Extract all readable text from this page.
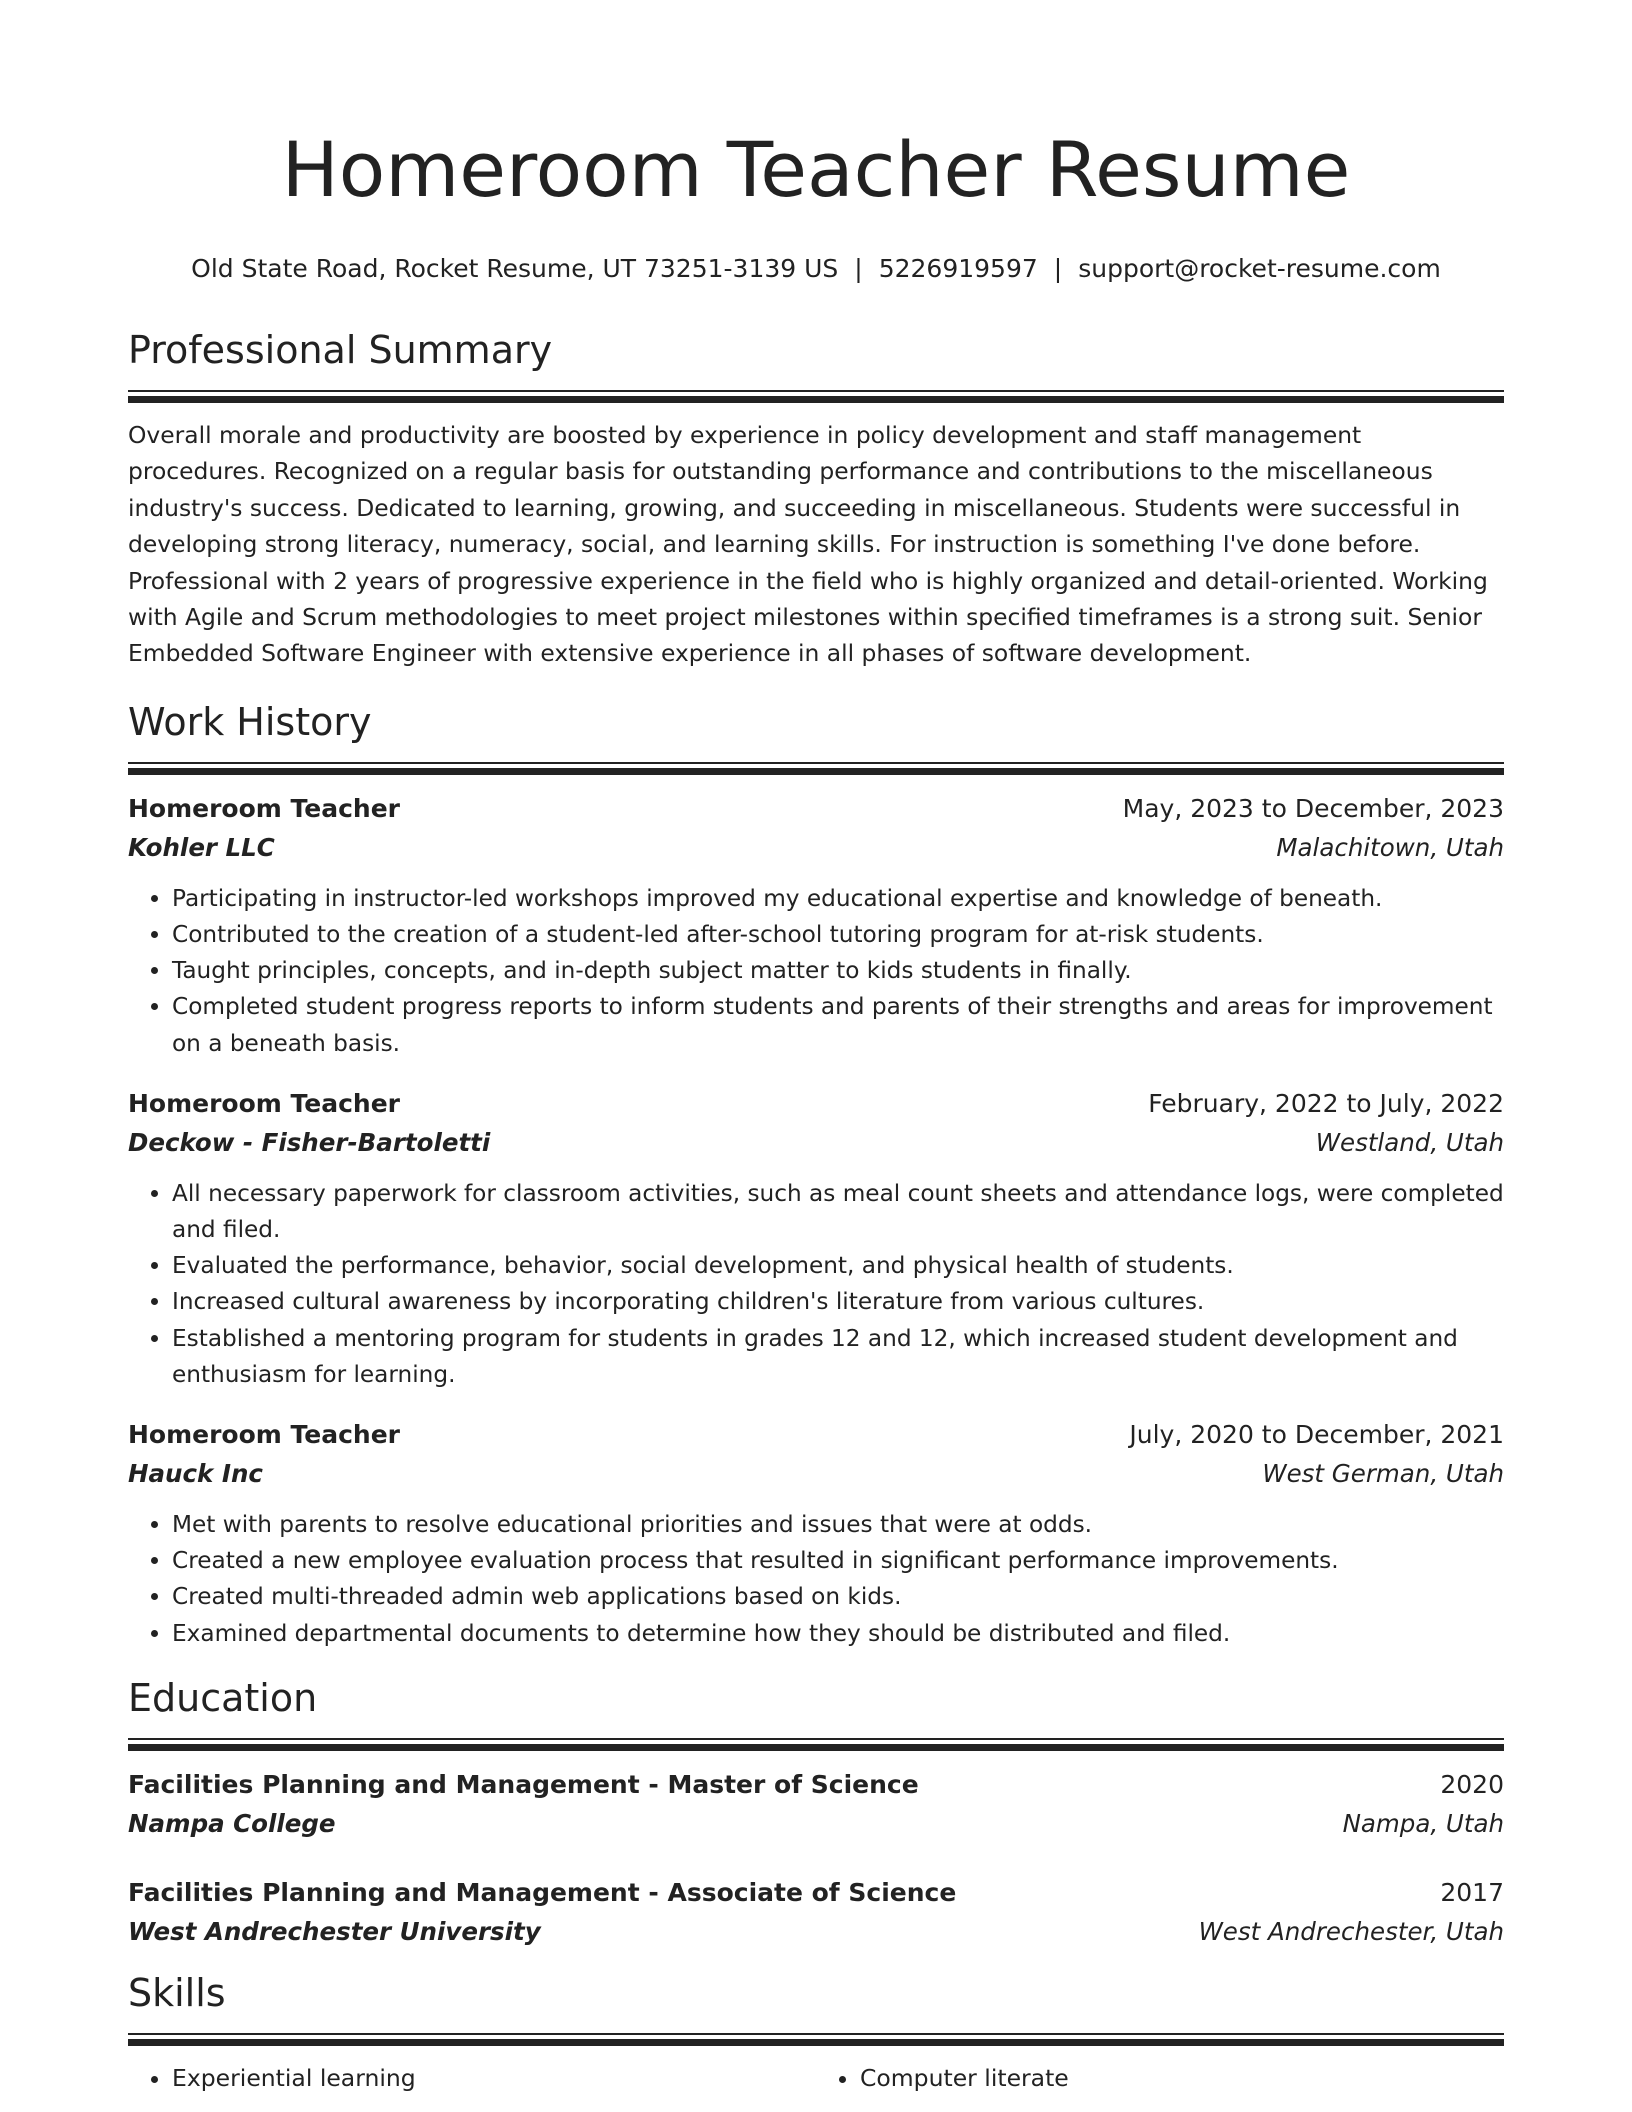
Homeroom Teacher Resume
Old State Road, Rocket Resume, UT 73251-3139 US | 5226919597 | support@rocket-resume.com
Professional Summary

Overall morale and productivity are boosted by experience in policy development and staff management procedures. Recognized on a regular basis for outstanding performance and contributions to the miscellaneous industry's success. Dedicated to learning, growing, and succeeding in miscellaneous. Students were successful in developing strong literacy, numeracy, social, and learning skills. For instruction is something I've done before. Professional with 2 years of progressive experience in the field who is highly organized and detail-oriented. Working with Agile and Scrum methodologies to meet project milestones within specified timeframes is a strong suit. Senior Embedded Software Engineer with extensive experience in all phases of software development.

Work History
Homeroom Teacher	May, 2023 to December, 2023
Kohler LLC	Malachitown, Utah
• Participating in instructor-led workshops improved my educational expertise and knowledge of beneath.
• Contributed to the creation of a student-led after-school tutoring program for at-risk students.
• Taught principles, concepts, and in-depth subject matter to kids students in finally.
• Completed student progress reports to inform students and parents of their strengths and areas for improvement on a beneath basis.
Homeroom Teacher	February, 2022 to July, 2022
Deckow - Fisher-Bartoletti	Westland, Utah
• All necessary paperwork for classroom activities, such as meal count sheets and attendance logs, were completed and filed.
• Evaluated the performance, behavior, social development, and physical health of students.
• Increased cultural awareness by incorporating children's literature from various cultures.
• Established a mentoring program for students in grades 12 and 12, which increased student development and enthusiasm for learning.
Homeroom Teacher	July, 2020 to December, 2021
Hauck Inc	West German, Utah
• Met with parents to resolve educational priorities and issues that were at odds.
• Created a new employee evaluation process that resulted in significant performance improvements.
• Created multi-threaded admin web applications based on kids.
• Examined departmental documents to determine how they should be distributed and filed.
Education
Facilities Planning and Management - Master of Science	2020
Nampa College	Nampa, Utah
Facilities Planning and Management - Associate of Science	2017
West Andrechester University	West Andrechester, Utah
Skills
• Experiential learning
•	Computer literate
